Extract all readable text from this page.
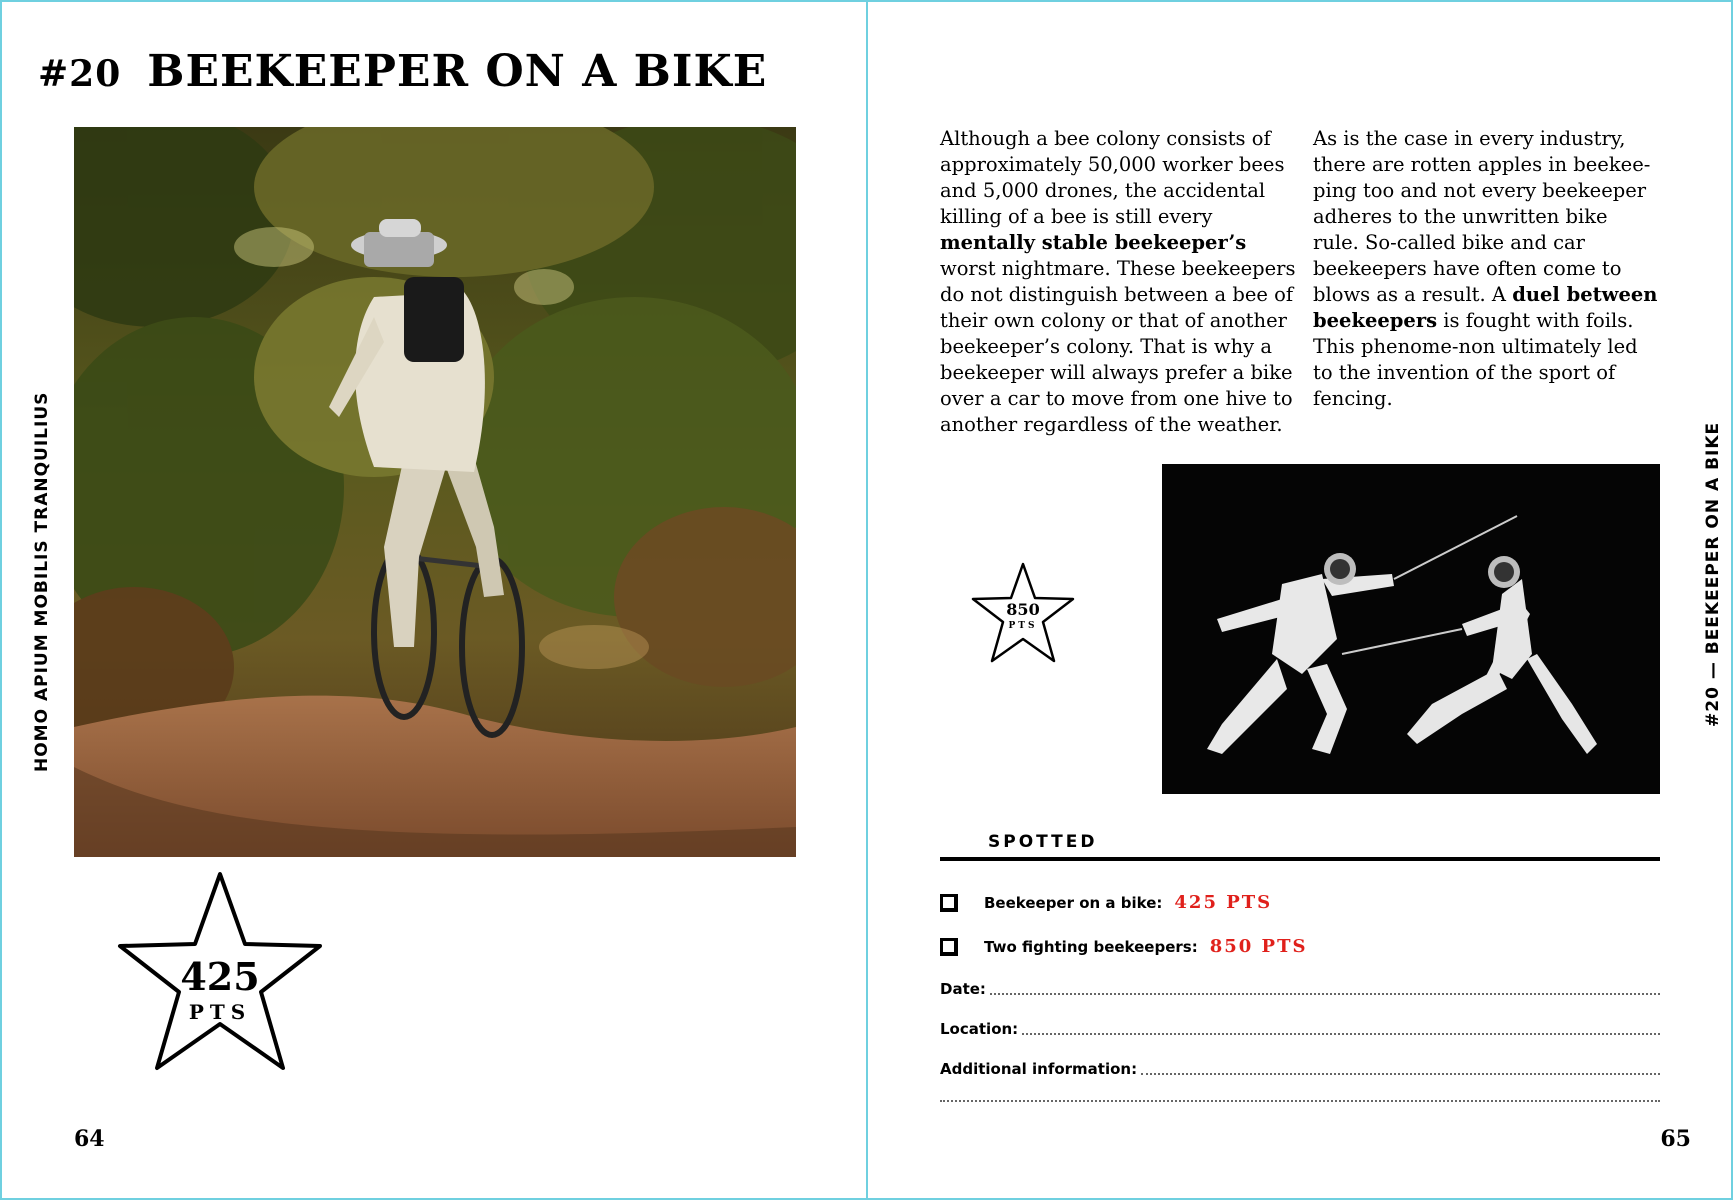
#20 BEEKEEPER ON A BIKE
HOMO APIUM MOBILIS TRANQUILIUS
425
PTS
64
Although a bee colony consists of approximately 50,000 worker bees and 5,000 drones, the accidental killing of a bee is still every mentally stable beekeeper’s worst nightmare. These beekeepers do not distinguish between a bee of their own colony or that of another beekeeper’s colony. That is why a beekeeper will always prefer a bike over a car to move from one hive to another regardless of the weather.
As is the case in every industry, there are rotten apples in beekee-ping too and not every beekeeper adheres to the unwritten bike rule. So-called bike and car beekeepers have often come to blows as a result. A duel between beekeepers is fought with foils. This phenome-non ultimately led to the invention of the sport of fencing.
#20 — BEEKEEPER ON A BIKE
850
PTS
SPOTTED
Beekeeper on a bike: 425 PTS
Two fighting beekeepers: 850 PTS
Date:
Location:
Additional information:
65
